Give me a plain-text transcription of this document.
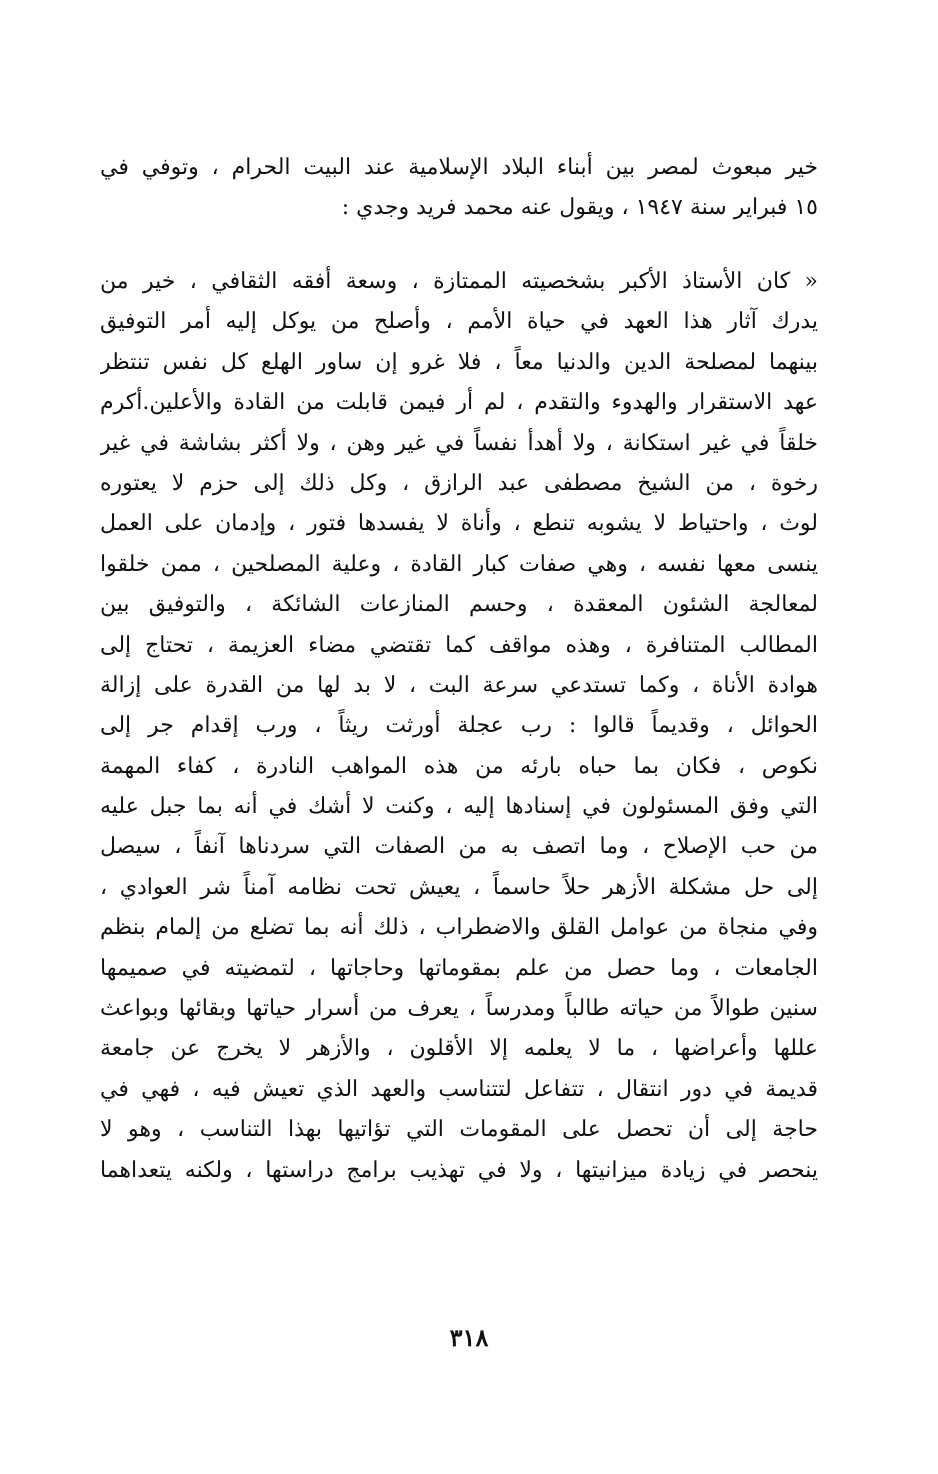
خير مبعوث لمصر بين أبناء البلاد الإسلامية عند البيت الحرام ، وتوفي في
١٥ فبراير سنة ١٩٤٧ ، ويقول عنه محمد فريد وجدي :
« كان الأستاذ الأكبر بشخصيته الممتازة ، وسعة أفقه الثقافي ، خير من
يدرك آثار هذا العهد في حياة الأمم ، وأصلح من يوكل إليه أمر التوفيق
بينهما لمصلحة الدين والدنيا معاً ، فلا غرو إن ساور الهلع كل نفس تنتظر
عهد الاستقرار والهدوء والتقدم ، لم أر فيمن قابلت من القادة والأعلين.أكرم
خلقاً في غير استكانة ، ولا أهدأ نفساً في غير وهن ، ولا أكثر بشاشة في غير
رخوة ، من الشيخ مصطفى عبد الرازق ، وكل ذلك إلى حزم لا يعتوره
لوث ، واحتياط لا يشوبه تنطع ، وأناة لا يفسدها فتور ، وإدمان على العمل
ينسى معها نفسه ، وهي صفات كبار القادة ، وعلية المصلحين ، ممن خلقوا
لمعالجة الشئون المعقدة ، وحسم المنازعات الشائكة ، والتوفيق بين
المطالب المتنافرة ، وهذه مواقف كما تقتضي مضاء العزيمة ، تحتاج إلى
هوادة الأناة ، وكما تستدعي سرعة البت ، لا بد لها من القدرة على إزالة
الحوائل ، وقديماً قالوا : رب عجلة أورثت ريثاً ، ورب إقدام جر إلى
نكوص ، فكان بما حباه بارئه من هذه المواهب النادرة ، كفاء المهمة
التي وفق المسئولون في إسنادها إليه ، وكنت لا أشك في أنه بما جبل عليه
من حب الإصلاح ، وما اتصف به من الصفات التي سردناها آنفاً ، سيصل
إلى حل مشكلة الأزهر حلاً حاسماً ، يعيش تحت نظامه آمناً شر العوادي ،
وفي منجاة من عوامل القلق والاضطراب ، ذلك أنه بما تضلع من إلمام بنظم
الجامعات ، وما حصل من علم بمقوماتها وحاجاتها ، لتمضيته في صميمها
سنين طوالاً من حياته طالباً ومدرساً ، يعرف من أسرار حياتها وبقائها وبواعث
عللها وأعراضها ، ما لا يعلمه إلا الأقلون ، والأزهر لا يخرج عن جامعة
قديمة في دور انتقال ، تتفاعل لتتناسب والعهد الذي تعيش فيه ، فهي في
حاجة إلى أن تحصل على المقومات التي تؤاتيها بهذا التناسب ، وهو لا
ينحصر في زيادة ميزانيتها ، ولا في تهذيب برامج دراستها ، ولكنه يتعداهما
٣١٨
